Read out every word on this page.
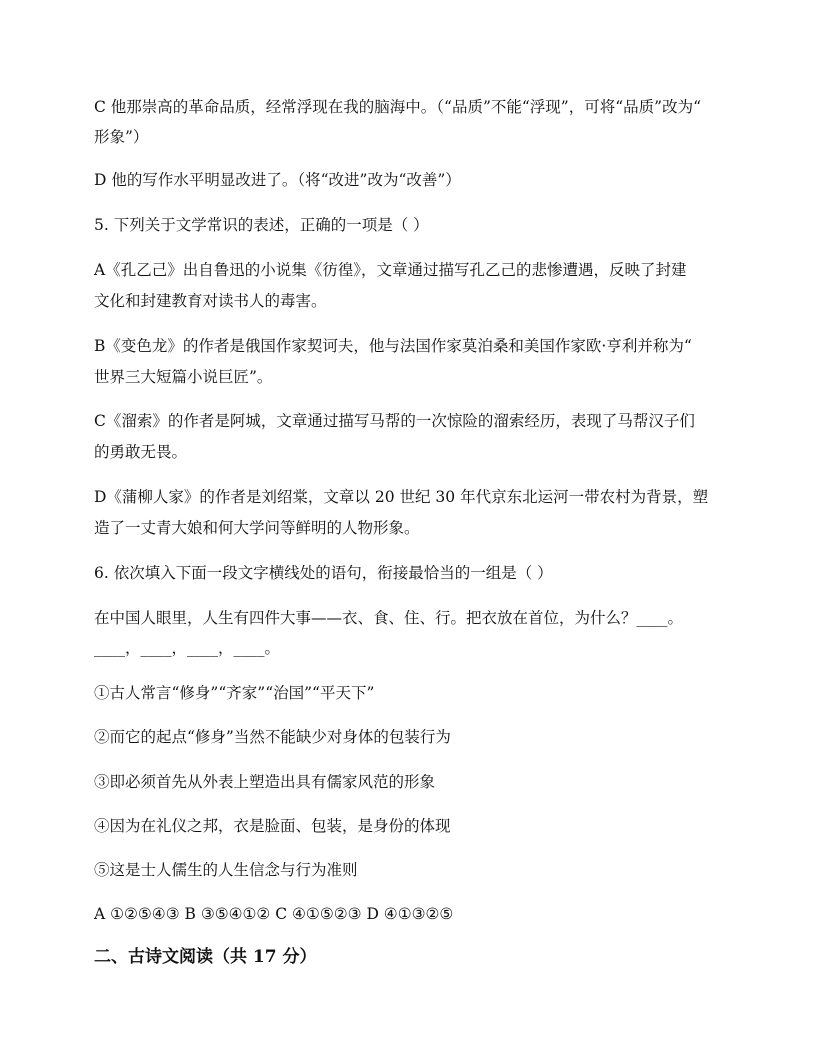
C 他那崇高的革命品质，经常浮现在我的脑海中。（“品质”不能“浮现”，可将“品质”改为“
形象”）
D 他的写作水平明显改进了。（将“改进”改为“改善”）
5. 下列关于文学常识的表述，正确的一项是（ ）
A《孔乙己》出自鲁迅的小说集《彷徨》，文章通过描写孔乙己的悲惨遭遇，反映了封建
文化和封建教育对读书人的毒害。
B《变色龙》的作者是俄国作家契诃夫，他与法国作家莫泊桑和美国作家欧·亨利并称为“
世界三大短篇小说巨匠”。
C《溜索》的作者是阿城，文章通过描写马帮的一次惊险的溜索经历，表现了马帮汉子们
的勇敢无畏。
D《蒲柳人家》的作者是刘绍棠，文章以 20 世纪 30 年代京东北运河一带农村为背景，塑
造了一丈青大娘和何大学问等鲜明的人物形象。
6. 依次填入下面一段文字横线处的语句，衔接最恰当的一组是（ ）
在中国人眼里，人生有四件大事——衣、食、住、行。把衣放在首位，为什么？____。
____，____，____，____。
①古人常言“修身”“齐家”“治国”“平天下”
②而它的起点“修身”当然不能缺少对身体的包装行为
③即必须首先从外表上塑造出具有儒家风范的形象
④因为在礼仪之邦，衣是脸面、包装，是身份的体现
⑤这是士人儒生的人生信念与行为准则
A ①②⑤④③ B ③⑤④①② C ④①⑤②③ D ④①③②⑤
二、古诗文阅读（共 17 分）
